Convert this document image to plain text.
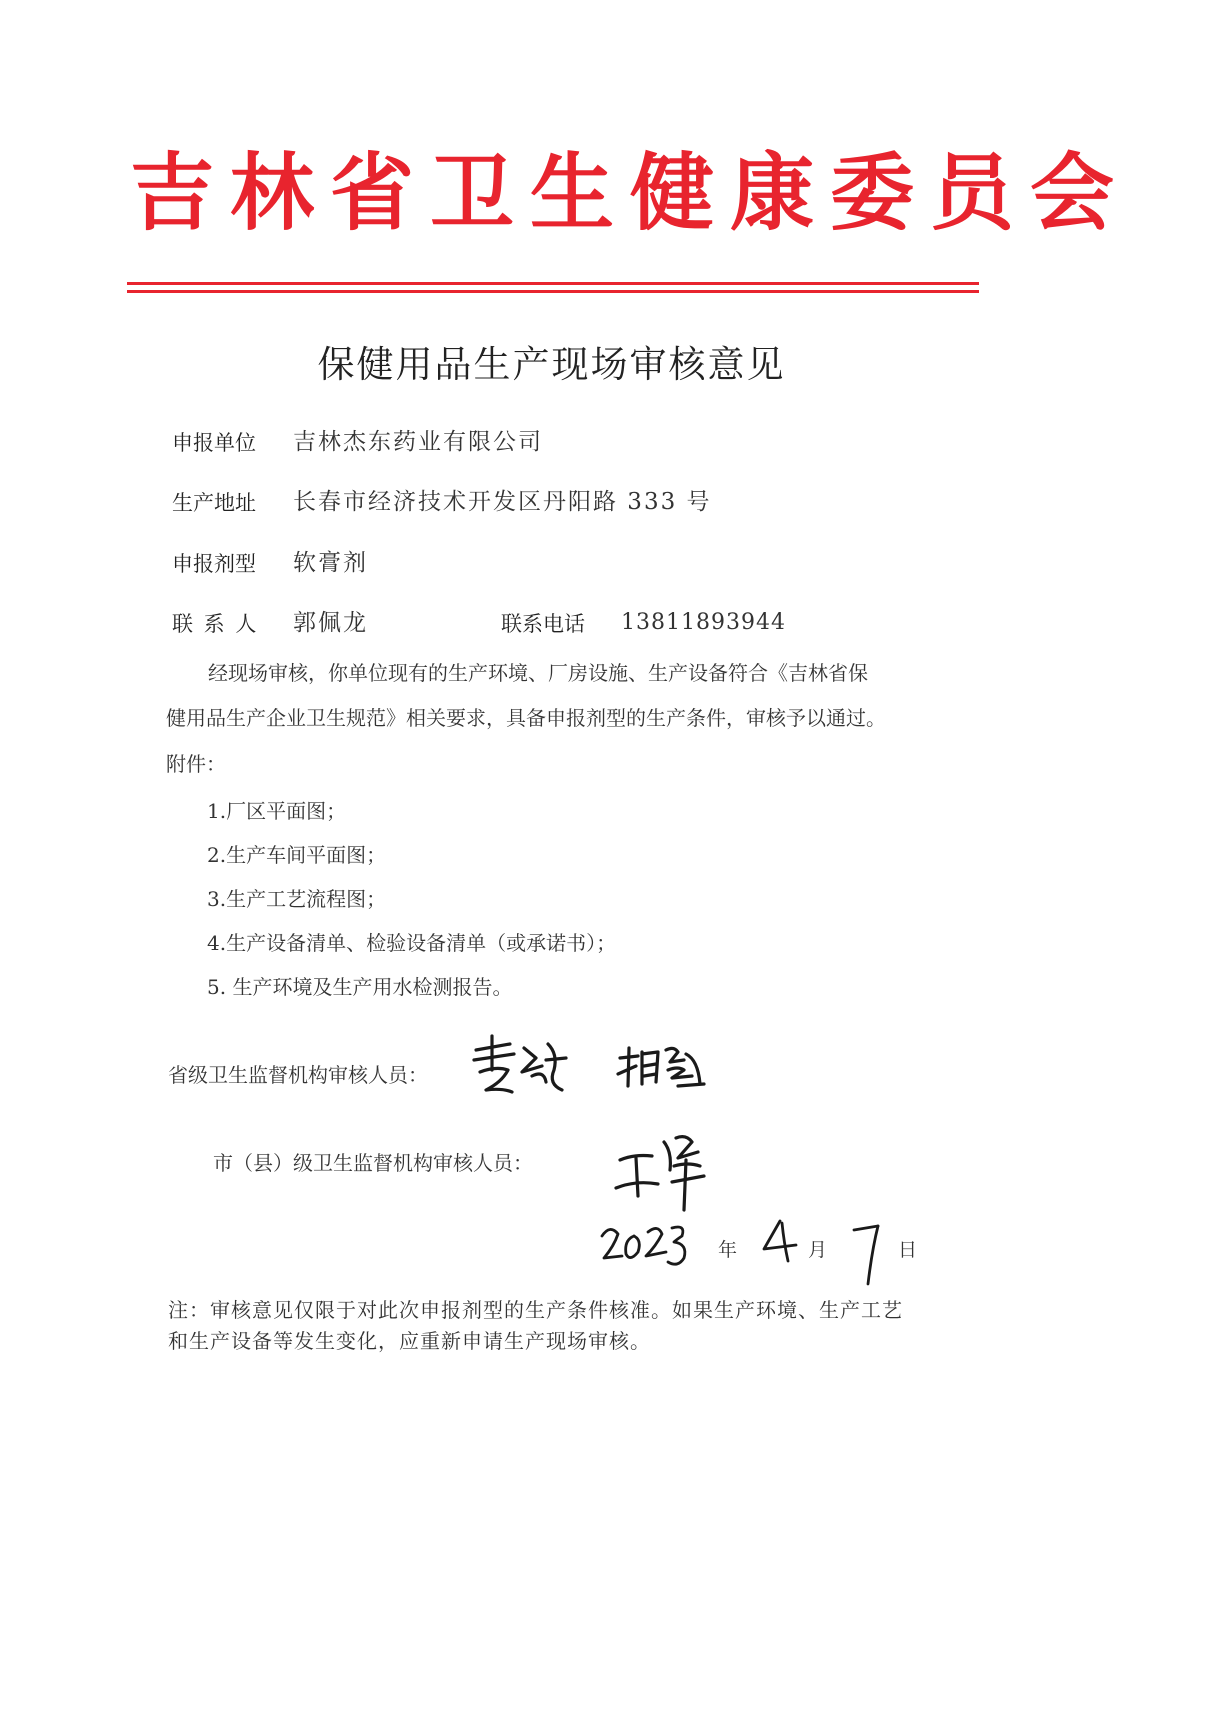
吉林省卫生健康委员会
保健用品生产现场审核意见
申报单位 吉林杰东药业有限公司
生产地址 长春市经济技术开发区丹阳路 333 号
申报剂型 软膏剂
联 系 人 郭佩龙	联系电话 13811893944
经现场审核，你单位现有的生产环境、厂房设施、生产设备符合《吉林省保
健用品生产企业卫生规范》相关要求，具备申报剂型的生产条件，审核予以通过。
附件：
1.厂区平面图；
2.生产车间平面图；
3.生产工艺流程图；
4.生产设备清单、检验设备清单（或承诺书）；
5. 生产环境及生产用水检测报告。
省级卫生监督机构审核人员：
市（县）级卫生监督机构审核人员：
年	月	日
注：审核意见仅限于对此次申报剂型的生产条件核准。如果生产环境、生产工艺
和生产设备等发生变化，应重新申请生产现场审核。
